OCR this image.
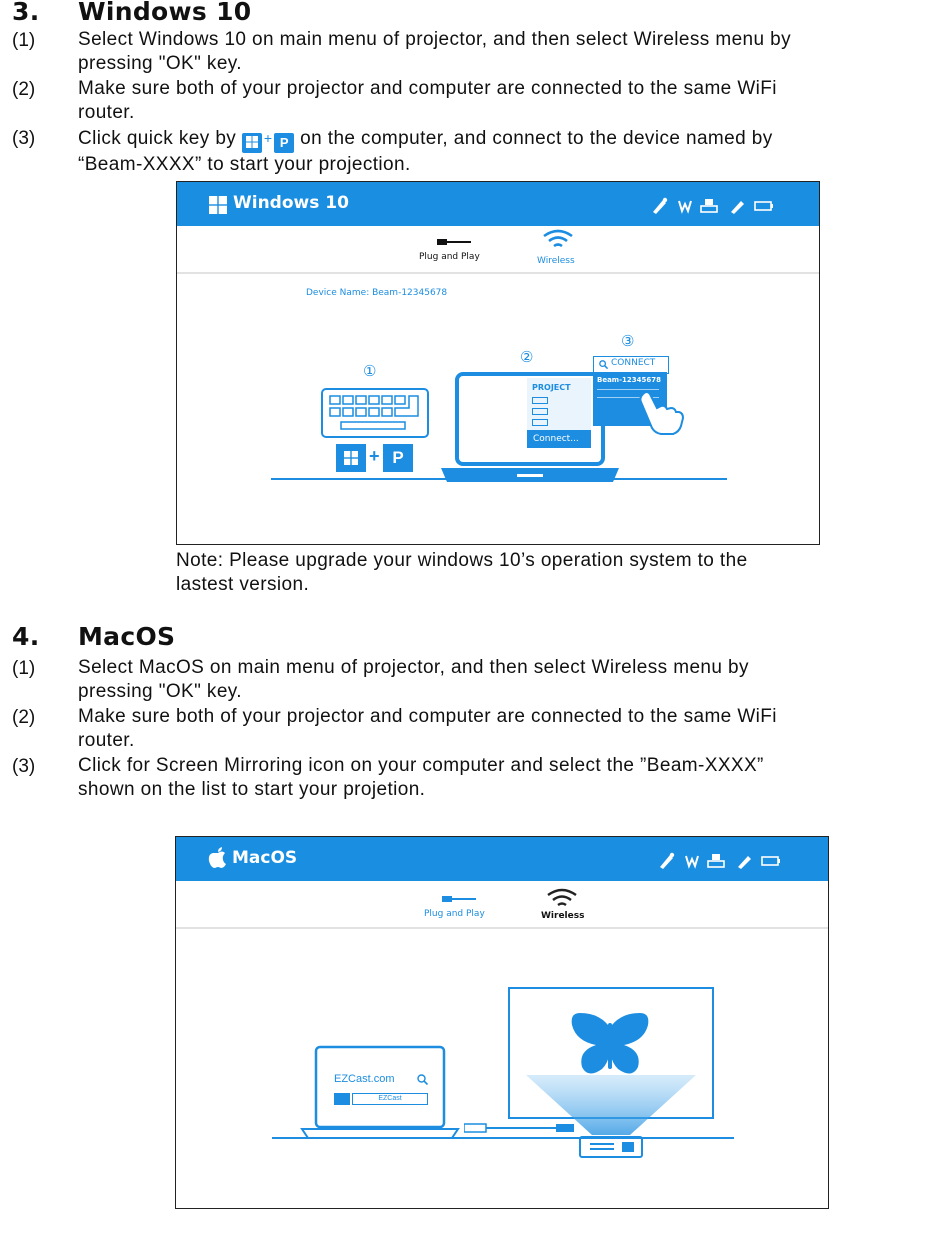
3. Windows 10
(1) Select Windows 10 on main menu of projector, and then select Wireless menu by
pressing "OK" key.
(2) Make sure both of your projector and computer are connected to the same WiFi
router.
(3) Click quick key by + P on the computer, and connect to the device named by
“Beam-XXXX” to start your projection.
Windows 10
Plug and Play	Wireless
Device Name: Beam-12345678
①
②
③
+ P
PROJECT
Connect...
CONNECT
Beam-12345678
Note: Please upgrade your windows 10’s operation system to the
lastest version.
4. MacOS
(1) Select MacOS on main menu of projector, and then select Wireless menu by
pressing "OK" key.
(2) Make sure both of your projector and computer are connected to the same WiFi
router.
(3) Click for Screen Mirroring icon on your computer and select the ”Beam-XXXX”
shown on the list to start your projetion.
MacOS
Plug and Play	Wireless
EZCast.com
EZCast
